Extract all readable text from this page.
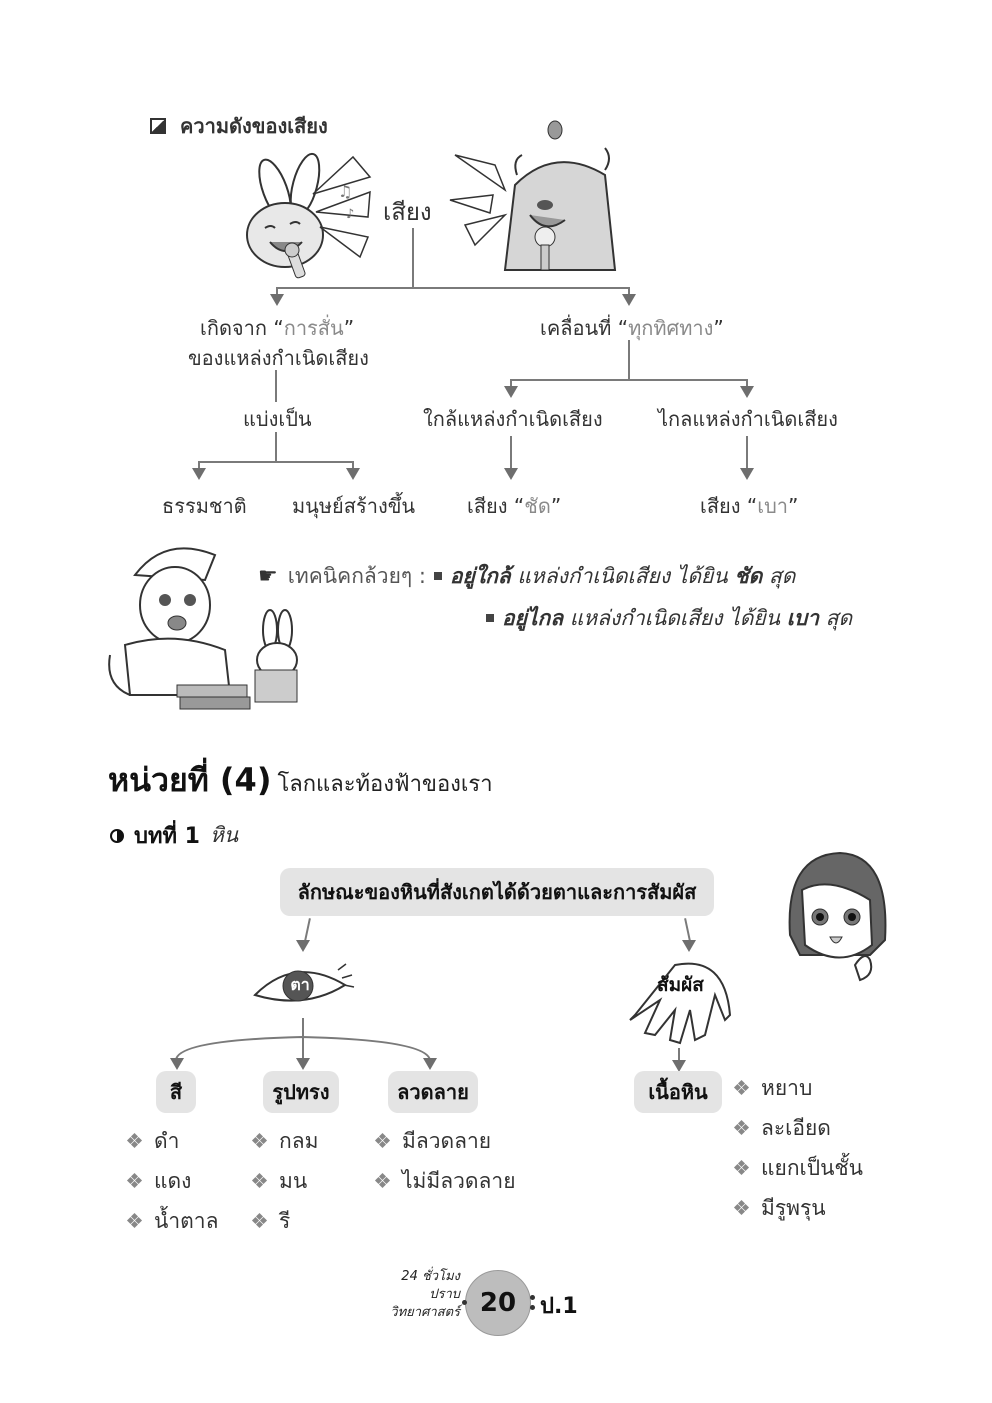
ความดังของเสียง
♫
♪ เสียง
เกิดจาก “การสั่น”
ของแหล่งกำเนิดเสียง
แบ่งเป็น
ธรรมชาติ มนุษย์สร้างขึ้น
เคลื่อนที่ “ทุกทิศทาง”
ใกล้แหล่งกำเนิดเสียง	ไกลแหล่งกำเนิดเสียง
เสียง “ชัด”	เสียง “เบา”
☛ เทคนิคกล้วยๆ : อยู่ใกล้ แหล่งกำเนิดเสียง ได้ยิน ชัด สุด
อยู่ไกล แหล่งกำเนิดเสียง ได้ยิน เบา สุด
หน่วยที่ (4) โลกและท้องฟ้าของเรา
บทที่ 1 หิน
ลักษณะของหินที่สังเกตได้ด้วยตาและการสัมผัส
ตา	สัมผัส
สี	รูปทรง	ลวดลาย	เนื้อหิน
ดำ
แดง
น้ำตาล
กลม
มน
รี
มีลวดลาย
ไม่มีลวดลาย
หยาบ
ละเอียด
แยกเป็นชั้น
มีรูพรุน
24 ชั่วโมง
ปราบ
วิทยาศาสตร์ 20	ป.1
